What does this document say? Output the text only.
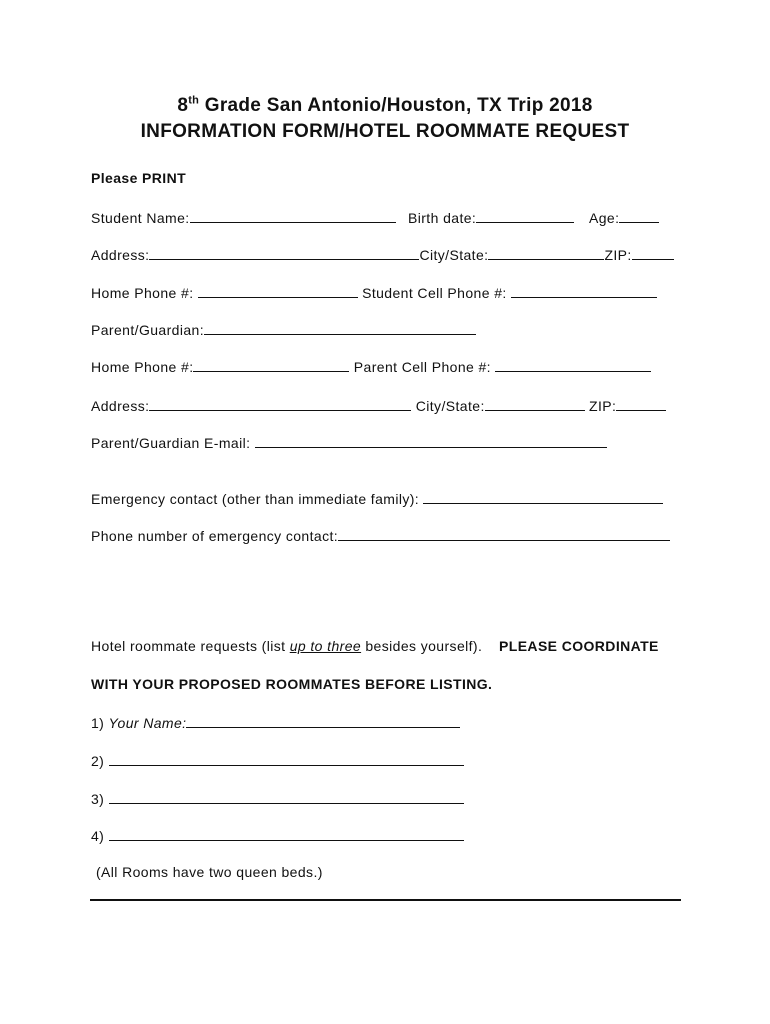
8th Grade San Antonio/Houston, TX Trip 2018
INFORMATION FORM/HOTEL ROOMMATE REQUEST
Please PRINT
Student Name:	Birth date:	Age:
Address:	City/State:	ZIP:
Home Phone #:	Student Cell Phone #:
Parent/Guardian:
Home Phone #:	Parent Cell Phone #:
Address:	City/State:	ZIP:
Parent/Guardian E-mail:
Emergency contact (other than immediate family):
Phone number of emergency contact:
Hotel roommate requests (list up to three besides yourself). PLEASE COORDINATE
WITH YOUR PROPOSED ROOMMATES BEFORE LISTING.
1) Your Name:
2)
3)
4)
(All Rooms have two queen beds.)
